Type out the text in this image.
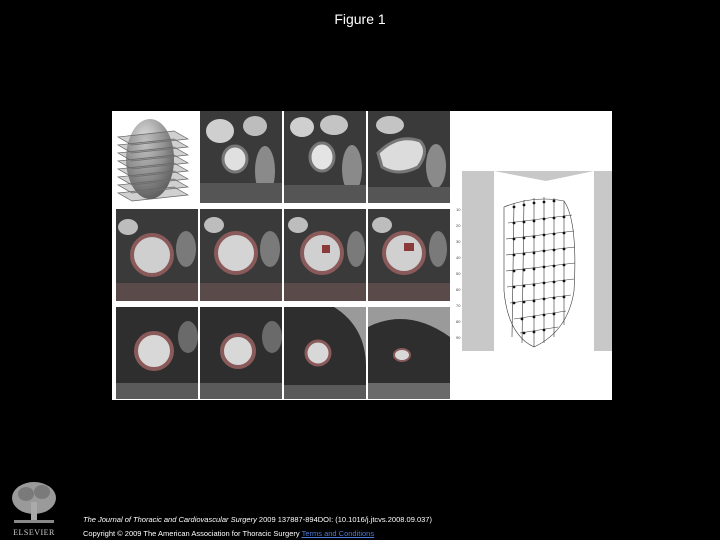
Figure 1
10
20
30
40
50
60
70
80
90
ELSEVIER
The Journal of Thoracic and Cardiovascular Surgery 2009 137887-894DOI: (10.1016/j.jtcvs.2008.09.037)
Copyright © 2009 The American Association for Thoracic Surgery Terms and Conditions
